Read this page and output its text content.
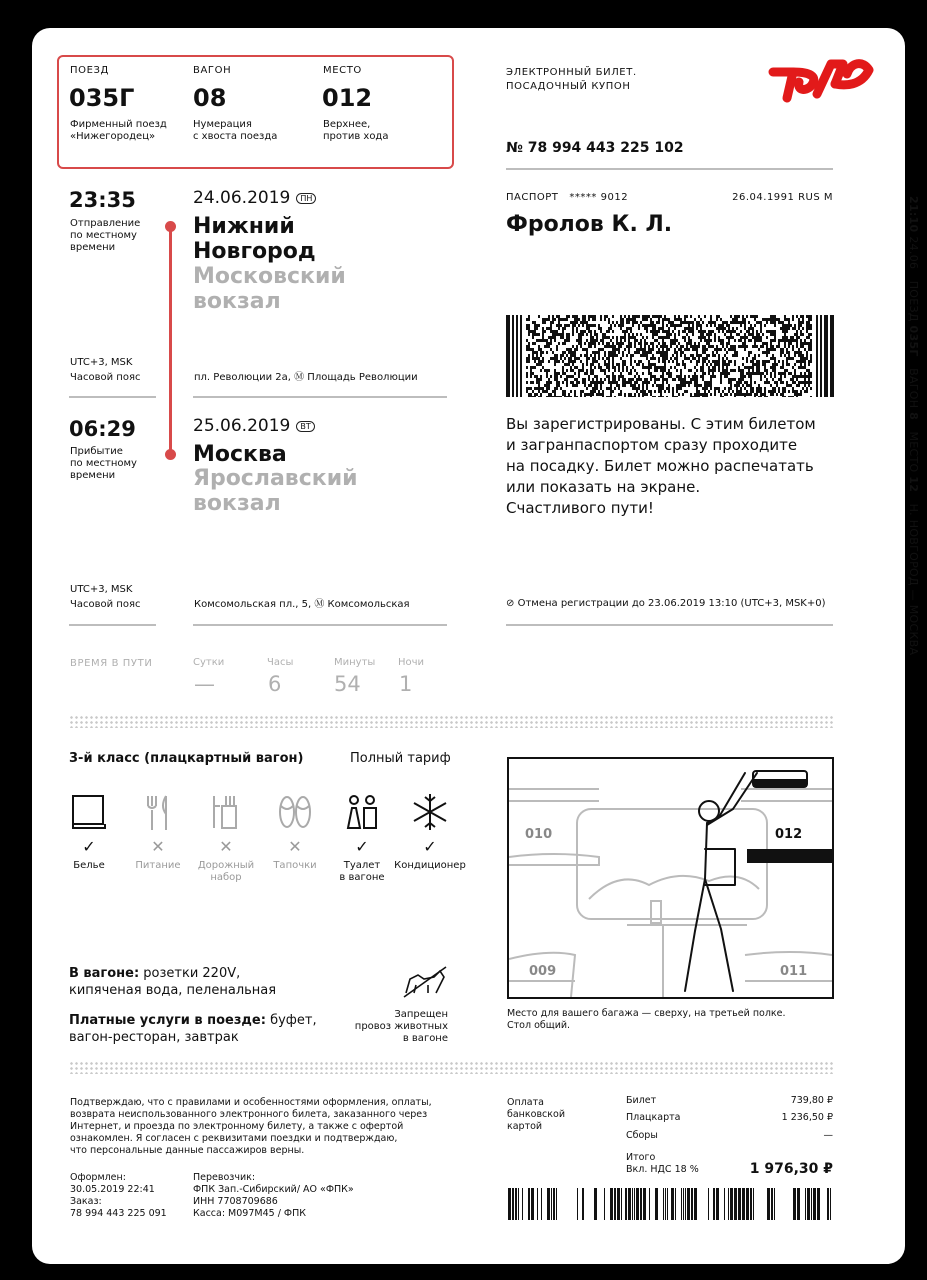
ПОЕЗД
035Г
Фирменный поезд
«Нижегородец»
ВАГОН
08
Нумерация
с хвоста поезда
МЕСТО
012
Верхнее,
против хода
ЭЛЕКТРОННЫЙ БИЛЕТ.
ПОСАДОЧНЫЙ КУПОН
№ 78 994 443 225 102
23:35
Отправление
по местному
времени
24.06.2019 ПН
Нижний
Новгород
Московский
вокзал
UTC+3, MSK
Часовой пояс	пл. Революции 2а, Ⓜ Площадь Революции
06:29
Прибытие
по местному
времени
25.06.2019 ВТ
Москва
Ярославский
вокзал
UTC+3, MSK
Часовой пояс	Комсомольская пл., 5, Ⓜ Комсомольская
ПАСПОРТ ***** 9012	26.04.1991 RUS M
Фролов К. Л.
Вы зарегистрированы. С этим билетом
и загранпаспортом сразу проходите
на посадку. Билет можно распечатать
или показать на экране.
Счастливого пути!
⊘ Отмена регистрации до 23.06.2019 13:10 (UTC+3, MSK+0)
ВРЕМЯ В ПУТИ	Сутки
—
Часы
6
Минуты
54
Ночи
1
3-й класс (плацкартный вагон)	Полный тариф
✓
Белье
✕
Питание
✕
Дорожный
набор
✕
Тапочки
✓
Туалет
в вагоне
✓
Кондиционер
В вагоне: розетки 220V,
кипяченая вода, пеленальная
Платные услуги в поезде: буфет,
вагон-ресторан, завтрак
Запрещен
провоз животных
в вагоне
010	012
009	011
Место для вашего багажа — сверху, на третьей полке.
Стол общий.
Подтверждаю, что с правилами и особенностями оформления, оплаты,
возврата неиспользованного электронного билета, заказанного через
Интернет, и проезда по электронному билету, а также с офертой
ознакомлен. Я согласен с реквизитами поездки и подтверждаю,
что персональные данные пассажиров верны.
Оформлен:
30.05.2019 22:41
Заказ:
78 994 443 225 091
Перевозчик:
ФПК Зап.-Сибирский/ АО «ФПК»
ИНН 7708709686
Касса: М097М45 / ФПК
Оплата
банковской
картой
Билет	739,80 ₽
Плацкарта	1 236,50 ₽
Сборы	—
Итого
Вкл. НДС 18 %	1 976,30 ₽
21:10 24.06   ПОЕЗД 035Г   ВАГОН 8   МЕСТО 12   Н. НОВГОРОД — МОСКВА
